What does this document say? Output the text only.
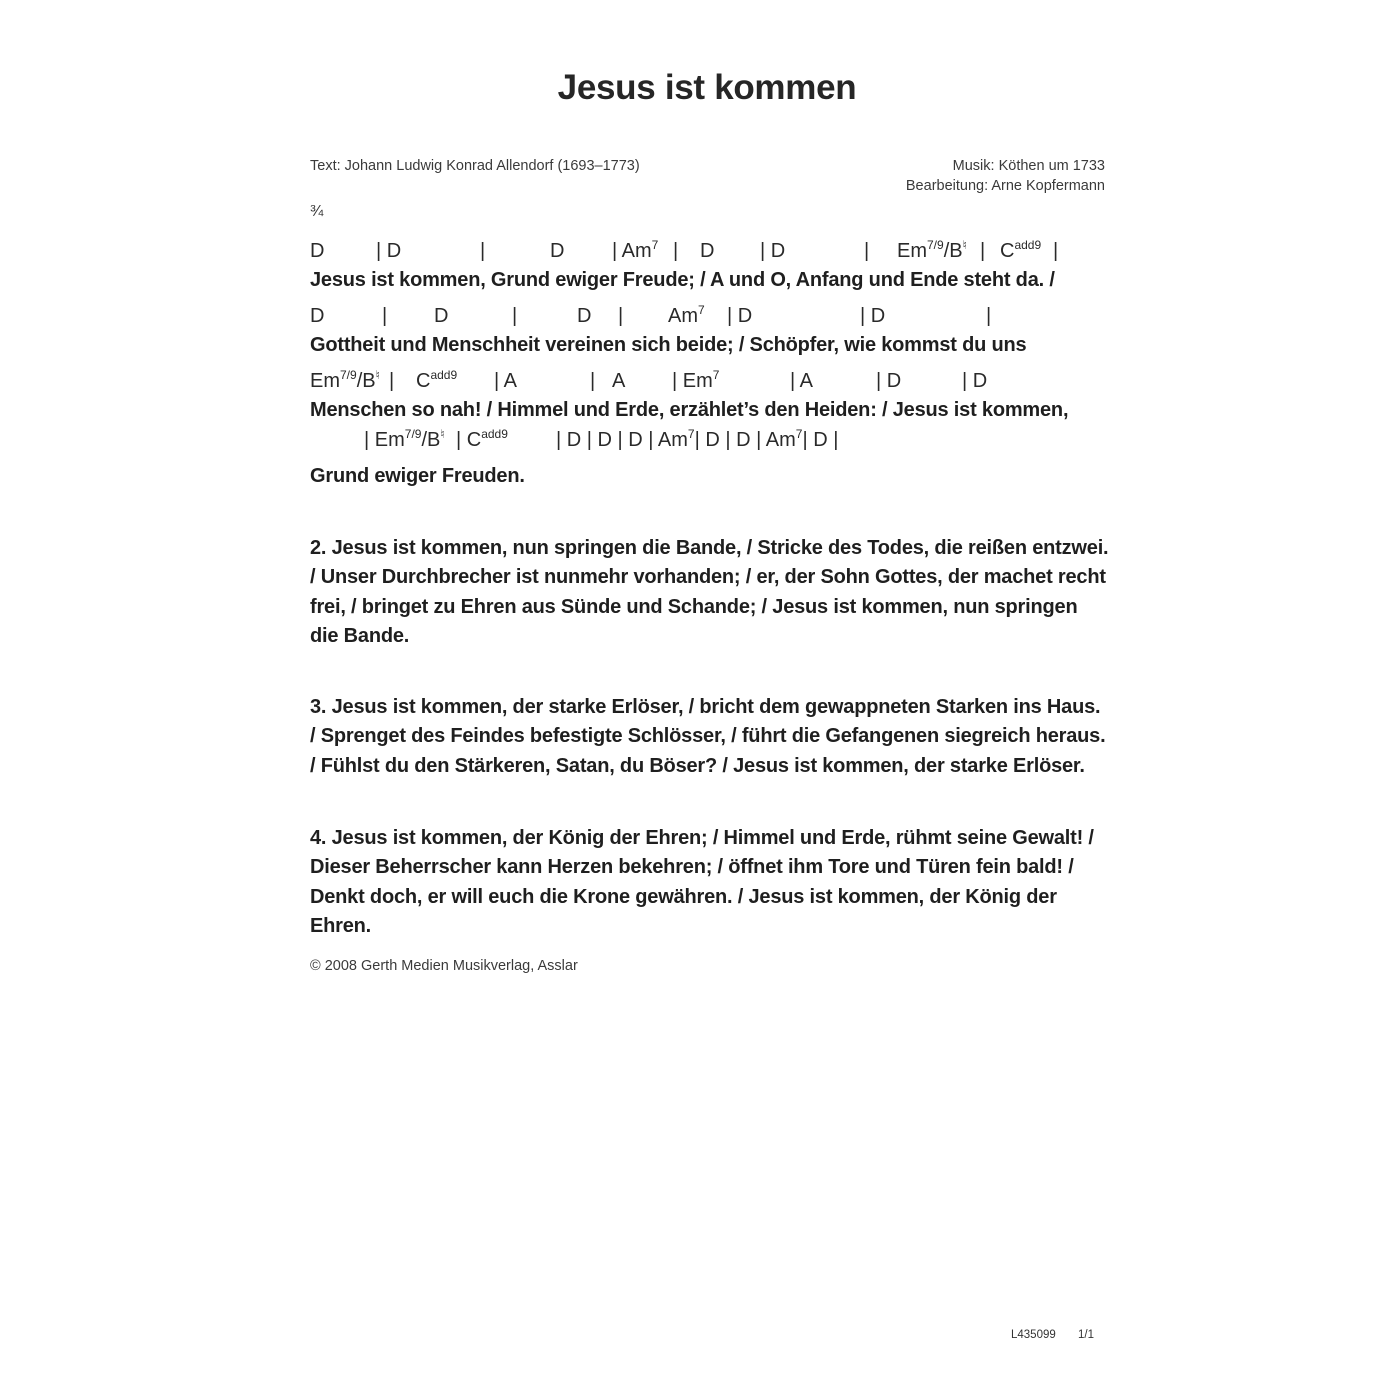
Jesus ist kommen
Text: Johann Ludwig Konrad Allendorf (1693–1773)	Musik: Köthen um 1733
Bearbeitung: Arne Kopfermann
¾
D	| D	|	D | Am$^7$ | D | D	| $Em^{7/9}/B^♮$ | $C^{add9}$ |
Jesus ist kommen, Grund ewiger Freude; / A und O, Anfang und Ende steht da. /
D	| D	|	D | Am$^7$ | D	| D	|
Gottheit und Menschheit vereinen sich beide; / Schöpfer, wie kommst du uns
$Em^{7/9}/B^♮$ | $C^{add9}$ | A	| A | Em$^7$	| A	| D	| D
Menschen so nah! / Himmel und Erde, erzählet’s den Heiden: / Jesus ist kommen,
| $Em^{7/9}/B^♮$ | $C^{add9}$ | D | D | D | Am$^7$| D | D | Am$^7$| D |
Grund ewiger Freuden.
2. Jesus ist kommen, nun springen die Bande, / Stricke des Todes, die reißen entzwei. / Unser Durchbrecher ist nunmehr vorhanden; / er, der Sohn Gottes, der machet recht frei, / bringet zu Ehren aus Sünde und Schande; / Jesus ist kommen, nun springen die Bande.
3. Jesus ist kommen, der starke Erlöser, / bricht dem gewappneten Starken ins Haus. / Sprenget des Feindes befestigte Schlösser, / führt die Gefangenen siegreich heraus. / Fühlst du den Stärkeren, Satan, du Böser? / Jesus ist kommen, der starke Erlöser.
4. Jesus ist kommen, der König der Ehren; / Himmel und Erde, rühmt seine Gewalt! / Dieser Beherrscher kann Herzen bekehren; / öffnet ihm Tore und Türen fein bald! / Denkt doch, er will euch die Krone gewähren. / Jesus ist kommen, der König der Ehren.
© 2008 Gerth Medien Musikverlag, Asslar
L435099 1/1
